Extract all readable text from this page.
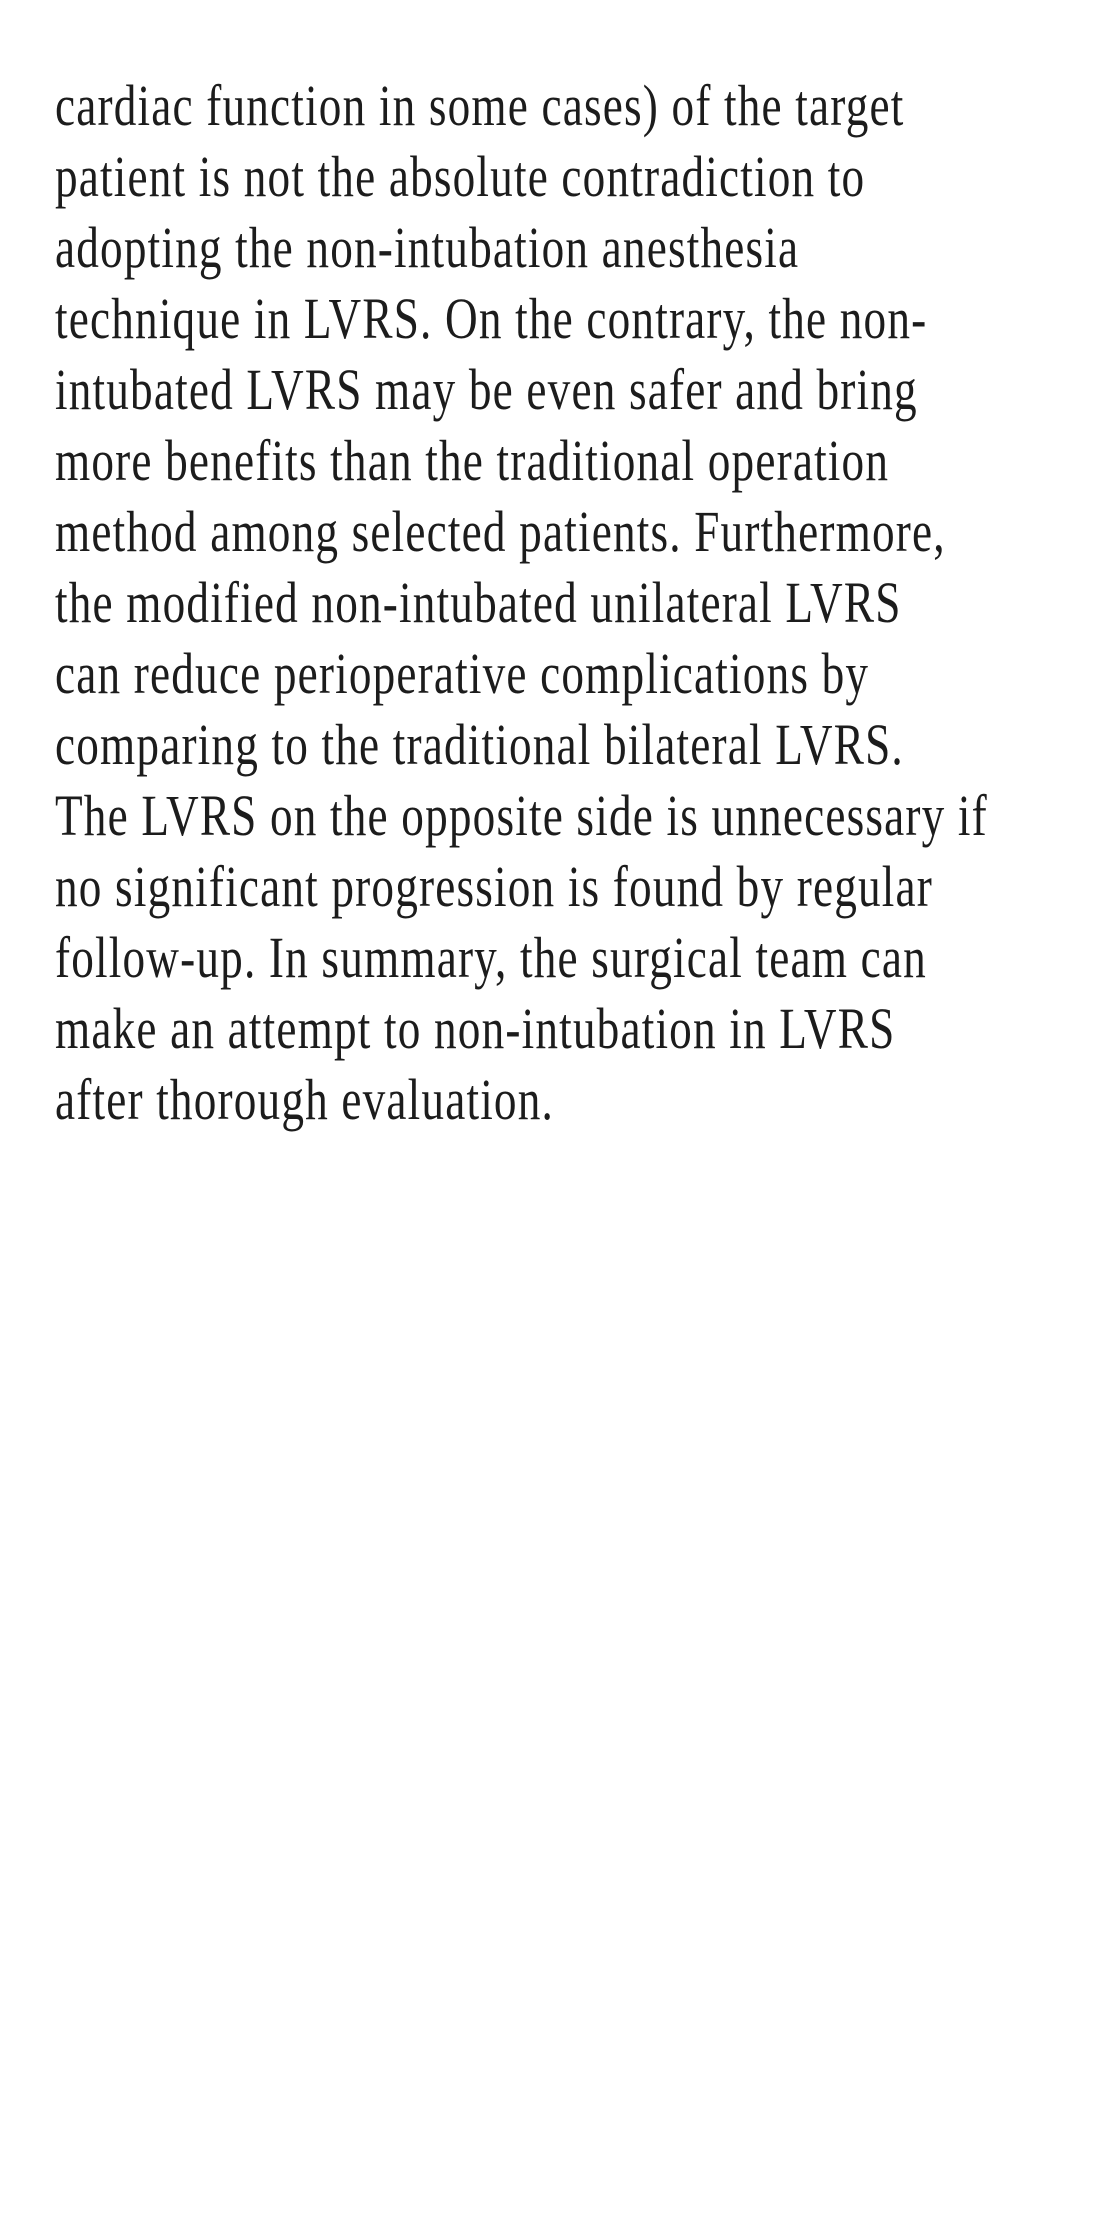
cardiac function in some cases) of the target
patient is not the absolute contradiction to
adopting the non-intubation anesthesia
technique in LVRS. On the contrary, the non-
intubated LVRS may be even safer and bring
more benefits than the traditional operation
method among selected patients. Furthermore,
the modified non-intubated unilateral LVRS
can reduce perioperative complications by
comparing to the traditional bilateral LVRS.
The LVRS on the opposite side is unnecessary if
no significant progression is found by regular
follow-up. In summary, the surgical team can
make an attempt to non-intubation in LVRS
after thorough evaluation.
